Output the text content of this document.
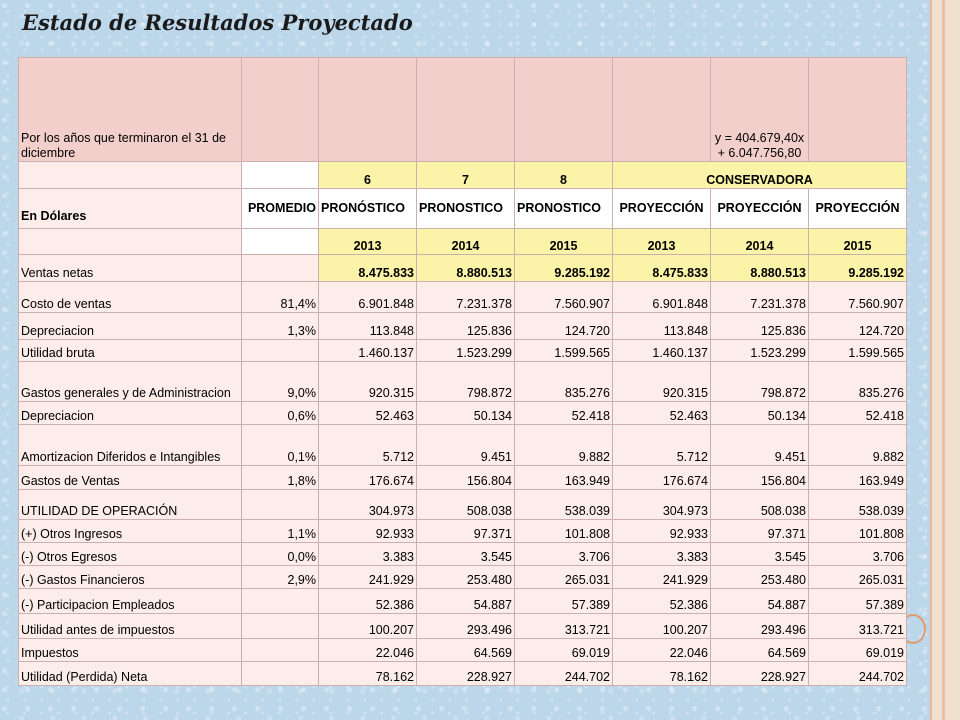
Estado de Resultados Proyectado
Por los años que terminaron el 31 de diciembre						y = 404.679,40x + 6.047.756,80	
		6	7	8	CONSERVADORA		
En Dólares	PROMEDIO	PRONÓSTICO	PRONOSTICO	PRONOSTICO	PROYECCIÓN	PROYECCIÓN	PROYECCIÓN
		2013	2014	2015	2013	2014	2015
Ventas netas		8.475.833	8.880.513	9.285.192	8.475.833	8.880.513	9.285.192
Costo de ventas	81,4%	6.901.848	7.231.378	7.560.907	6.901.848	7.231.378	7.560.907
Depreciacion	1,3%	113.848	125.836	124.720	113.848	125.836	124.720
Utilidad bruta		1.460.137	1.523.299	1.599.565	1.460.137	1.523.299	1.599.565
Gastos generales y de Administracion	9,0%	920.315	798.872	835.276	920.315	798.872	835.276
Depreciacion	0,6%	52.463	50.134	52.418	52.463	50.134	52.418
Amortizacion Diferidos e Intangibles	0,1%	5.712	9.451	9.882	5.712	9.451	9.882
Gastos de Ventas	1,8%	176.674	156.804	163.949	176.674	156.804	163.949
UTILIDAD DE OPERACIÓN		304.973	508.038	538.039	304.973	508.038	538.039
(+) Otros Ingresos	1,1%	92.933	97.371	101.808	92.933	97.371	101.808
(-) Otros Egresos	0,0%	3.383	3.545	3.706	3.383	3.545	3.706
(-) Gastos Financieros	2,9%	241.929	253.480	265.031	241.929	253.480	265.031
(-) Participacion Empleados		52.386	54.887	57.389	52.386	54.887	57.389
Utilidad antes de impuestos		100.207	293.496	313.721	100.207	293.496	313.721
Impuestos		22.046	64.569	69.019	22.046	64.569	69.019
Utilidad (Perdida) Neta		78.162	228.927	244.702	78.162	228.927	244.702
